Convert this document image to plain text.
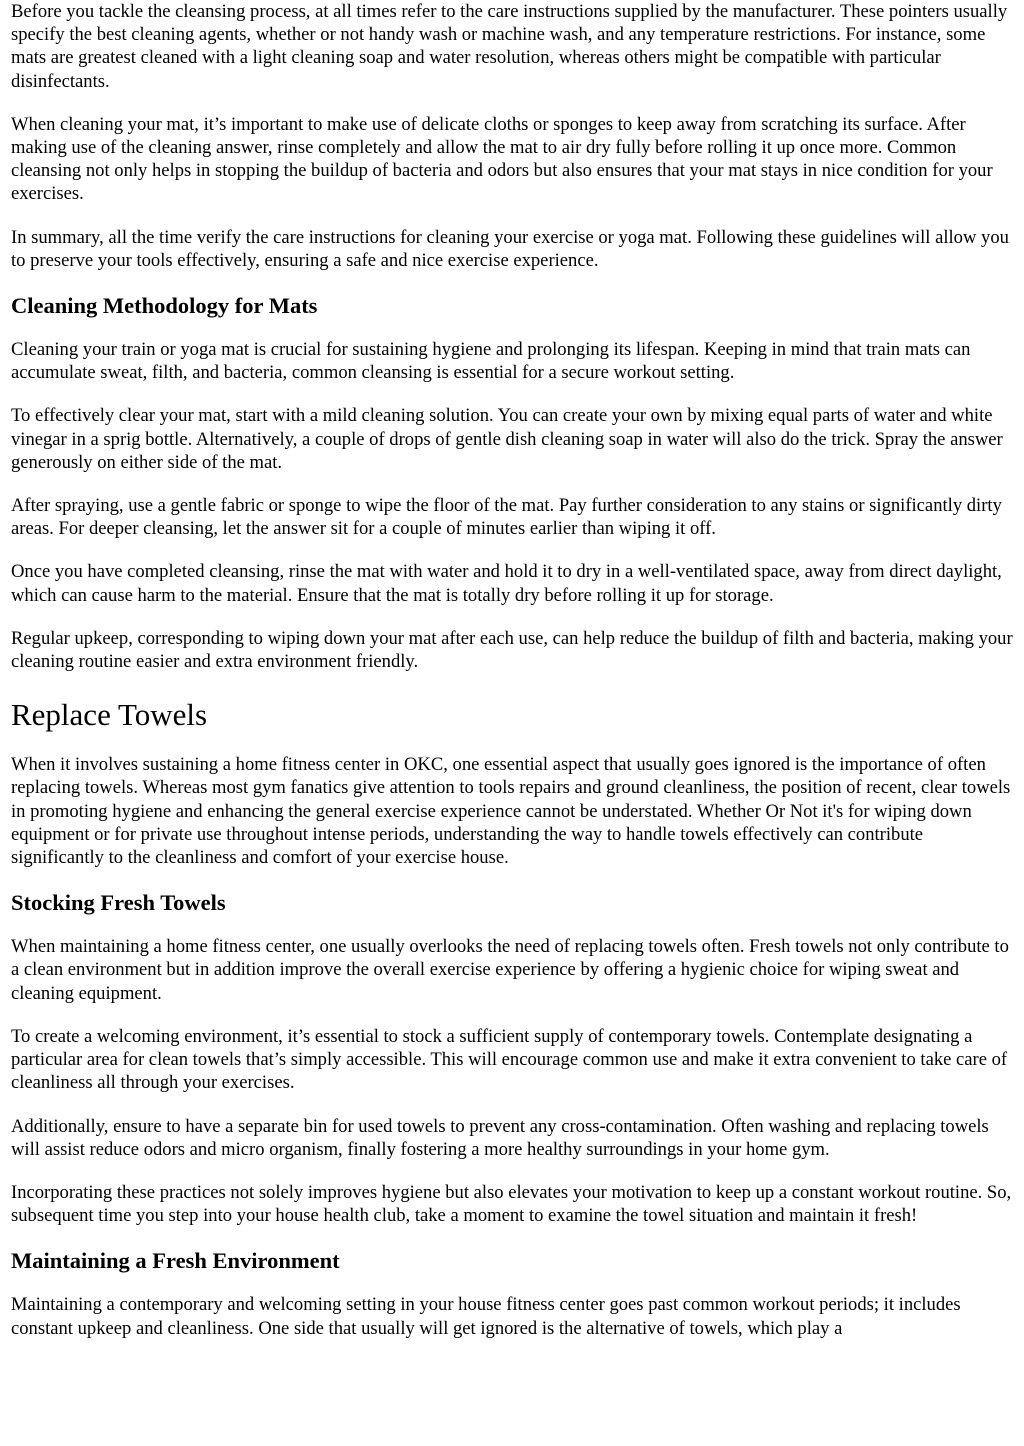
Before you tackle the cleansing process, at all times refer to the care instructions supplied by the manufacturer. These pointers usually specify the best cleaning agents, whether or not handy wash or machine wash, and any temperature restrictions. For instance, some mats are greatest cleaned with a light cleaning soap and water resolution, whereas others might be compatible with particular disinfectants.

When cleaning your mat, it’s important to make use of delicate cloths or sponges to keep away from scratching its surface. After making use of the cleaning answer, rinse completely and allow the mat to air dry fully before rolling it up once more. Common cleansing not only helps in stopping the buildup of bacteria and odors but also ensures that your mat stays in nice condition for your exercises.

In summary, all the time verify the care instructions for cleaning your exercise or yoga mat. Following these guidelines will allow you to preserve your tools effectively, ensuring a safe and nice exercise experience.

Cleaning Methodology for Mats

Cleaning your train or yoga mat is crucial for sustaining hygiene and prolonging its lifespan. Keeping in mind that train mats can accumulate sweat, filth, and bacteria, common cleansing is essential for a secure workout setting.

To effectively clear your mat, start with a mild cleaning solution. You can create your own by mixing equal parts of water and white vinegar in a sprig bottle. Alternatively, a couple of drops of gentle dish cleaning soap in water will also do the trick. Spray the answer generously on either side of the mat.

After spraying, use a gentle fabric or sponge to wipe the floor of the mat. Pay further consideration to any stains or significantly dirty areas. For deeper cleansing, let the answer sit for a couple of minutes earlier than wiping it off.

Once you have completed cleansing, rinse the mat with water and hold it to dry in a well-ventilated space, away from direct daylight, which can cause harm to the material. Ensure that the mat is totally dry before rolling it up for storage.

Regular upkeep, corresponding to wiping down your mat after each use, can help reduce the buildup of filth and bacteria, making your cleaning routine easier and extra environment friendly.

Replace Towels

When it involves sustaining a home fitness center in OKC, one essential aspect that usually goes ignored is the importance of often replacing towels. Whereas most gym fanatics give attention to tools repairs and ground cleanliness, the position of recent, clear towels in promoting hygiene and enhancing the general exercise experience cannot be understated. Whether Or Not it's for wiping down equipment or for private use throughout intense periods, understanding the way to handle towels effectively can contribute significantly to the cleanliness and comfort of your exercise house.

Stocking Fresh Towels

When maintaining a home fitness center, one usually overlooks the need of replacing towels often. Fresh towels not only contribute to a clean environment but in addition improve the overall exercise experience by offering a hygienic choice for wiping sweat and cleaning equipment.

To create a welcoming environment, it’s essential to stock a sufficient supply of contemporary towels. Contemplate designating a particular area for clean towels that’s simply accessible. This will encourage common use and make it extra convenient to take care of cleanliness all through your exercises.

Additionally, ensure to have a separate bin for used towels to prevent any cross-contamination. Often washing and replacing towels will assist reduce odors and micro organism, finally fostering a more healthy surroundings in your home gym.

Incorporating these practices not solely improves hygiene but also elevates your motivation to keep up a constant workout routine. So, subsequent time you step into your house health club, take a moment to examine the towel situation and maintain it fresh!

Maintaining a Fresh Environment

Maintaining a contemporary and welcoming setting in your house fitness center goes past common workout periods; it includes constant upkeep and cleanliness. One side that usually will get ignored is the alternative of towels, which play a
